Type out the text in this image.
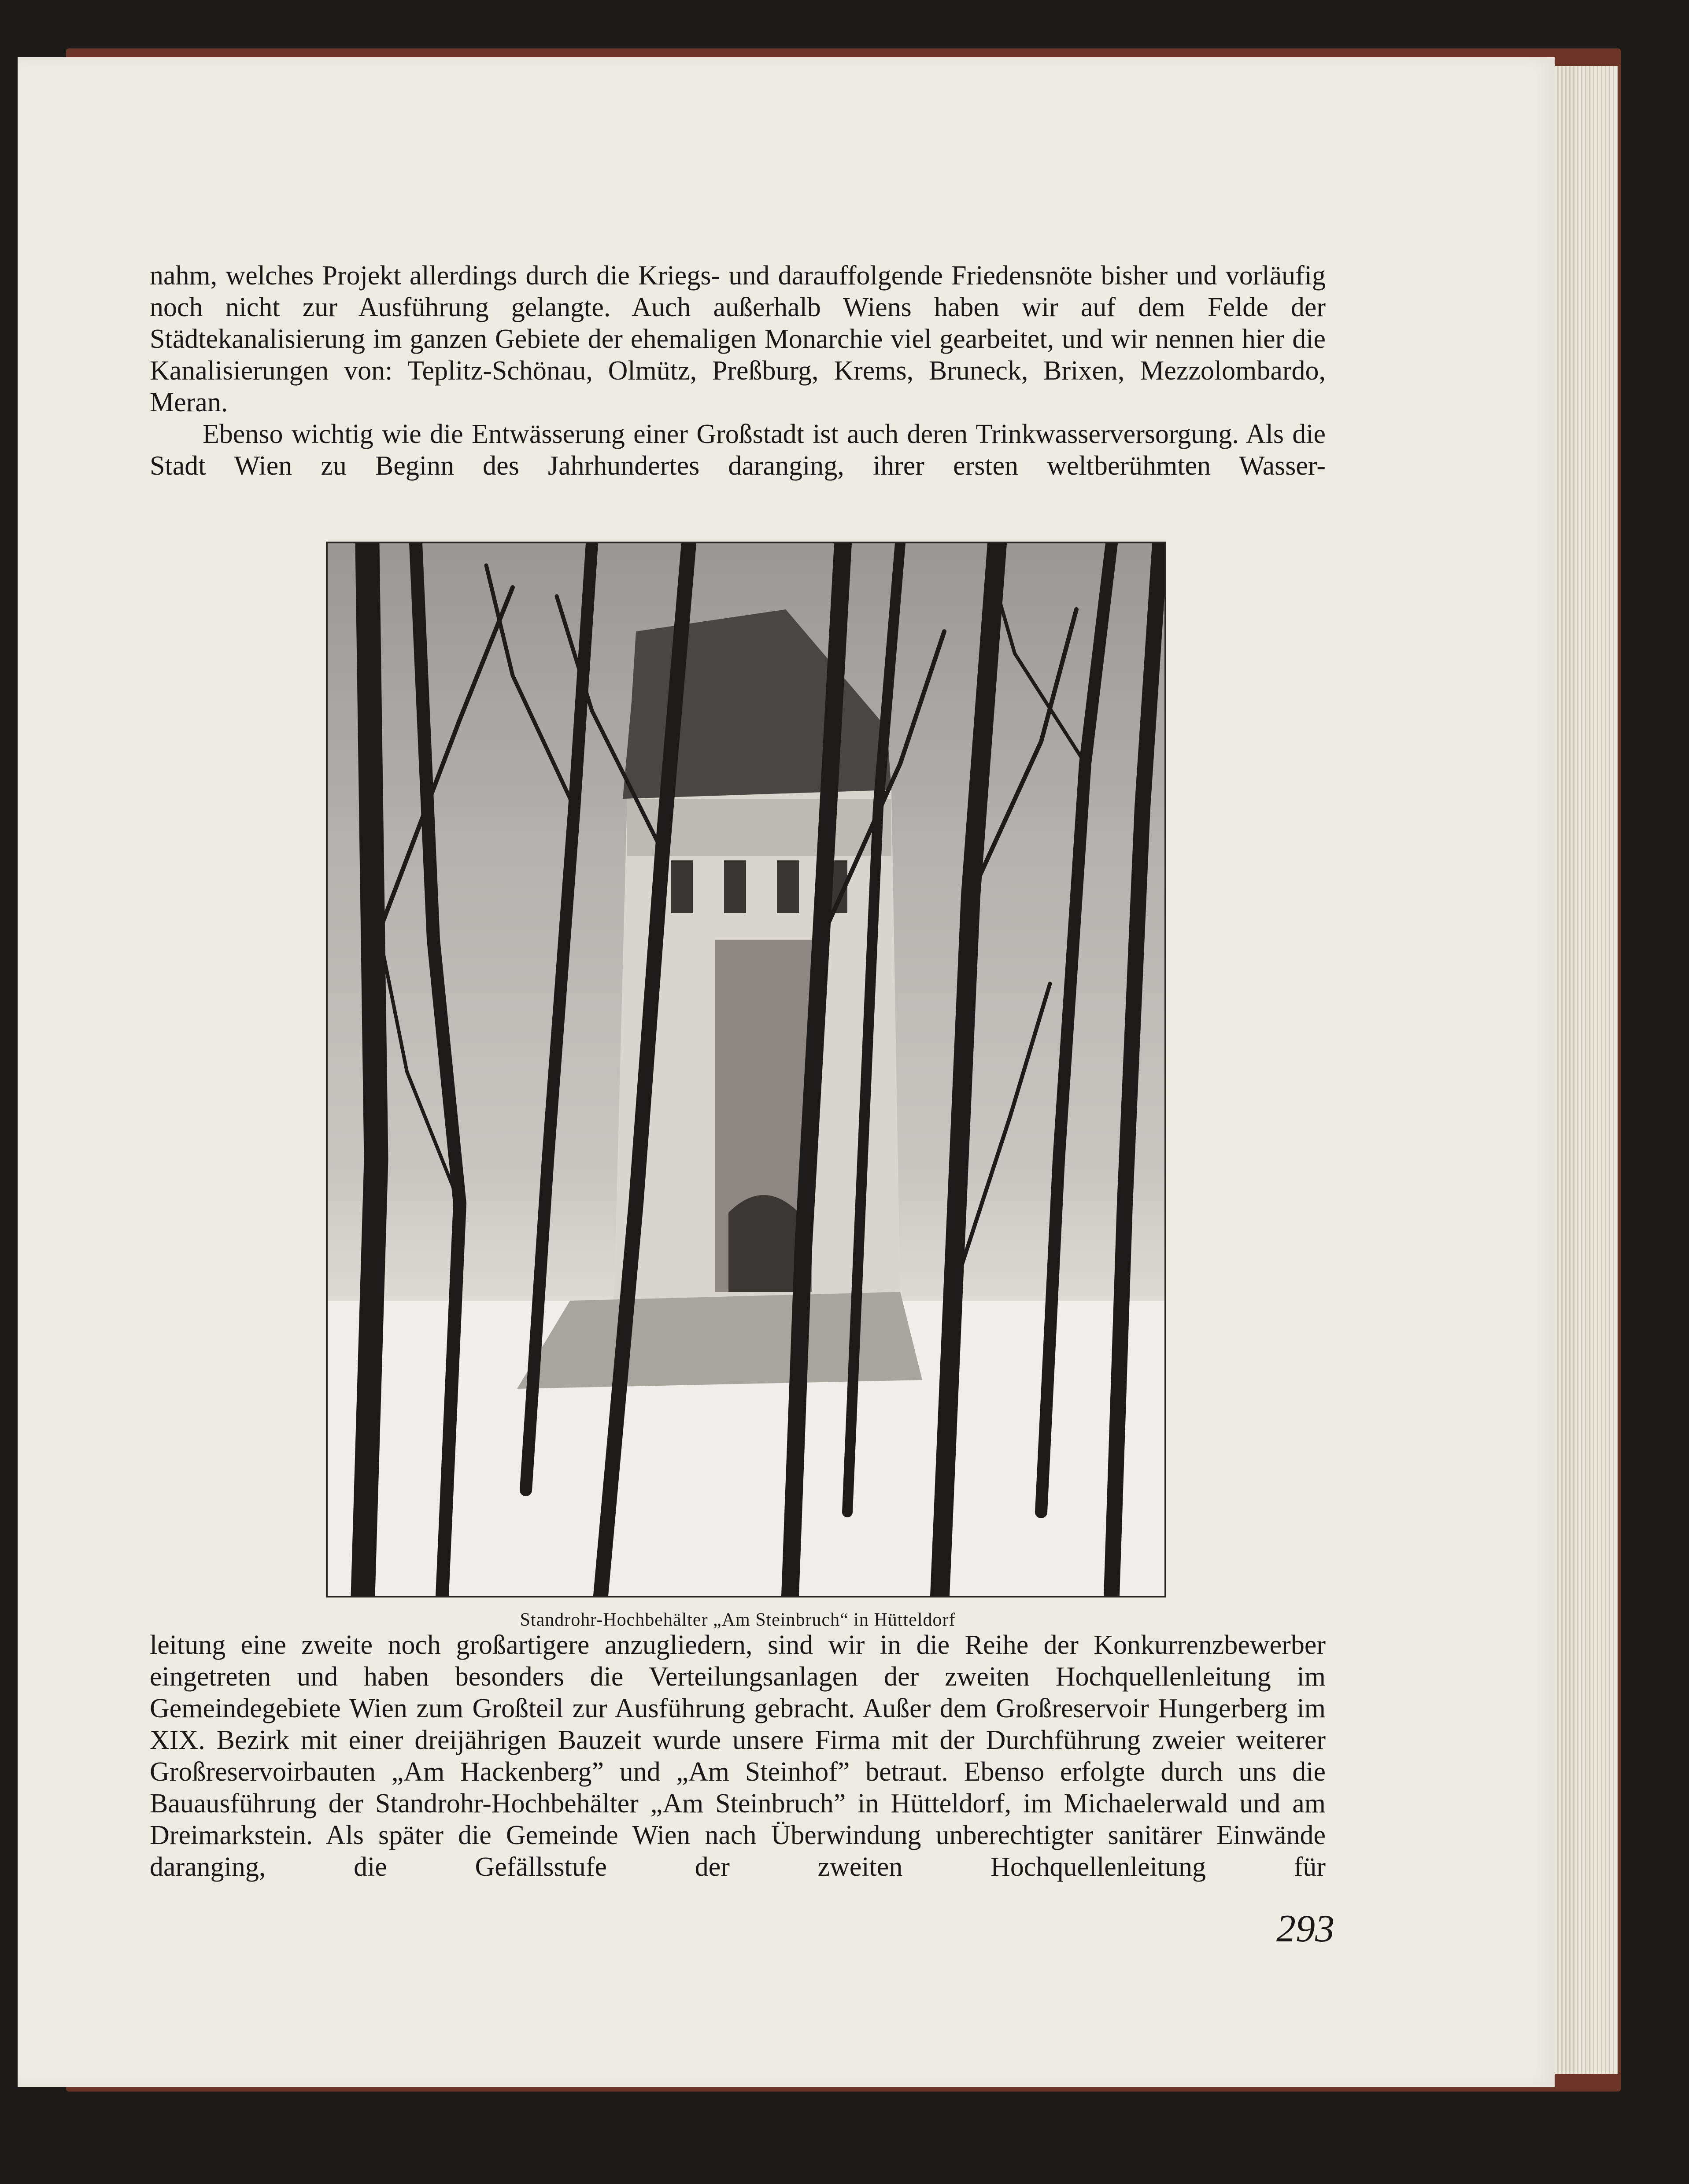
nahm, welches Projekt allerdings durch die Kriegs- und darauffolgende Friedensnöte bisher und vorläufig noch nicht zur Ausführung gelangte. Auch außerhalb Wiens haben wir auf dem Felde der Städtekanalisierung im ganzen Gebiete der ehemaligen Monarchie viel gearbeitet, und wir nennen hier die Kanalisierungen von: Teplitz-Schönau, Olmütz, Preßburg, Krems, Bruneck, Brixen, Mezzolombardo, Meran.

Ebenso wichtig wie die Entwässerung einer Großstadt ist auch deren Trinkwasserversorgung. Als die Stadt Wien zu Beginn des Jahrhundertes daranging, ihrer ersten weltberühmten Wasser-

Standrohr-Hochbehälter „Am Steinbruch“ in Hütteldorf

leitung eine zweite noch großartigere anzugliedern, sind wir in die Reihe der Konkurrenzbewerber eingetreten und haben besonders die Verteilungsanlagen der zweiten Hochquellenleitung im Gemeindegebiete Wien zum Großteil zur Ausführung gebracht. Außer dem Großreservoir Hungerberg im XIX. Bezirk mit einer dreijährigen Bauzeit wurde unsere Firma mit der Durchführung zweier weiterer Großreservoirbauten „Am Hackenberg” und „Am Steinhof” betraut. Ebenso erfolgte durch uns die Bauausführung der Standrohr-Hochbehälter „Am Steinbruch” in Hütteldorf, im Michaelerwald und am Dreimarkstein. Als später die Gemeinde Wien nach Überwindung unberechtigter sanitärer Einwände daranging, die Gefällsstufe der zweiten Hochquellenleitung für

293
